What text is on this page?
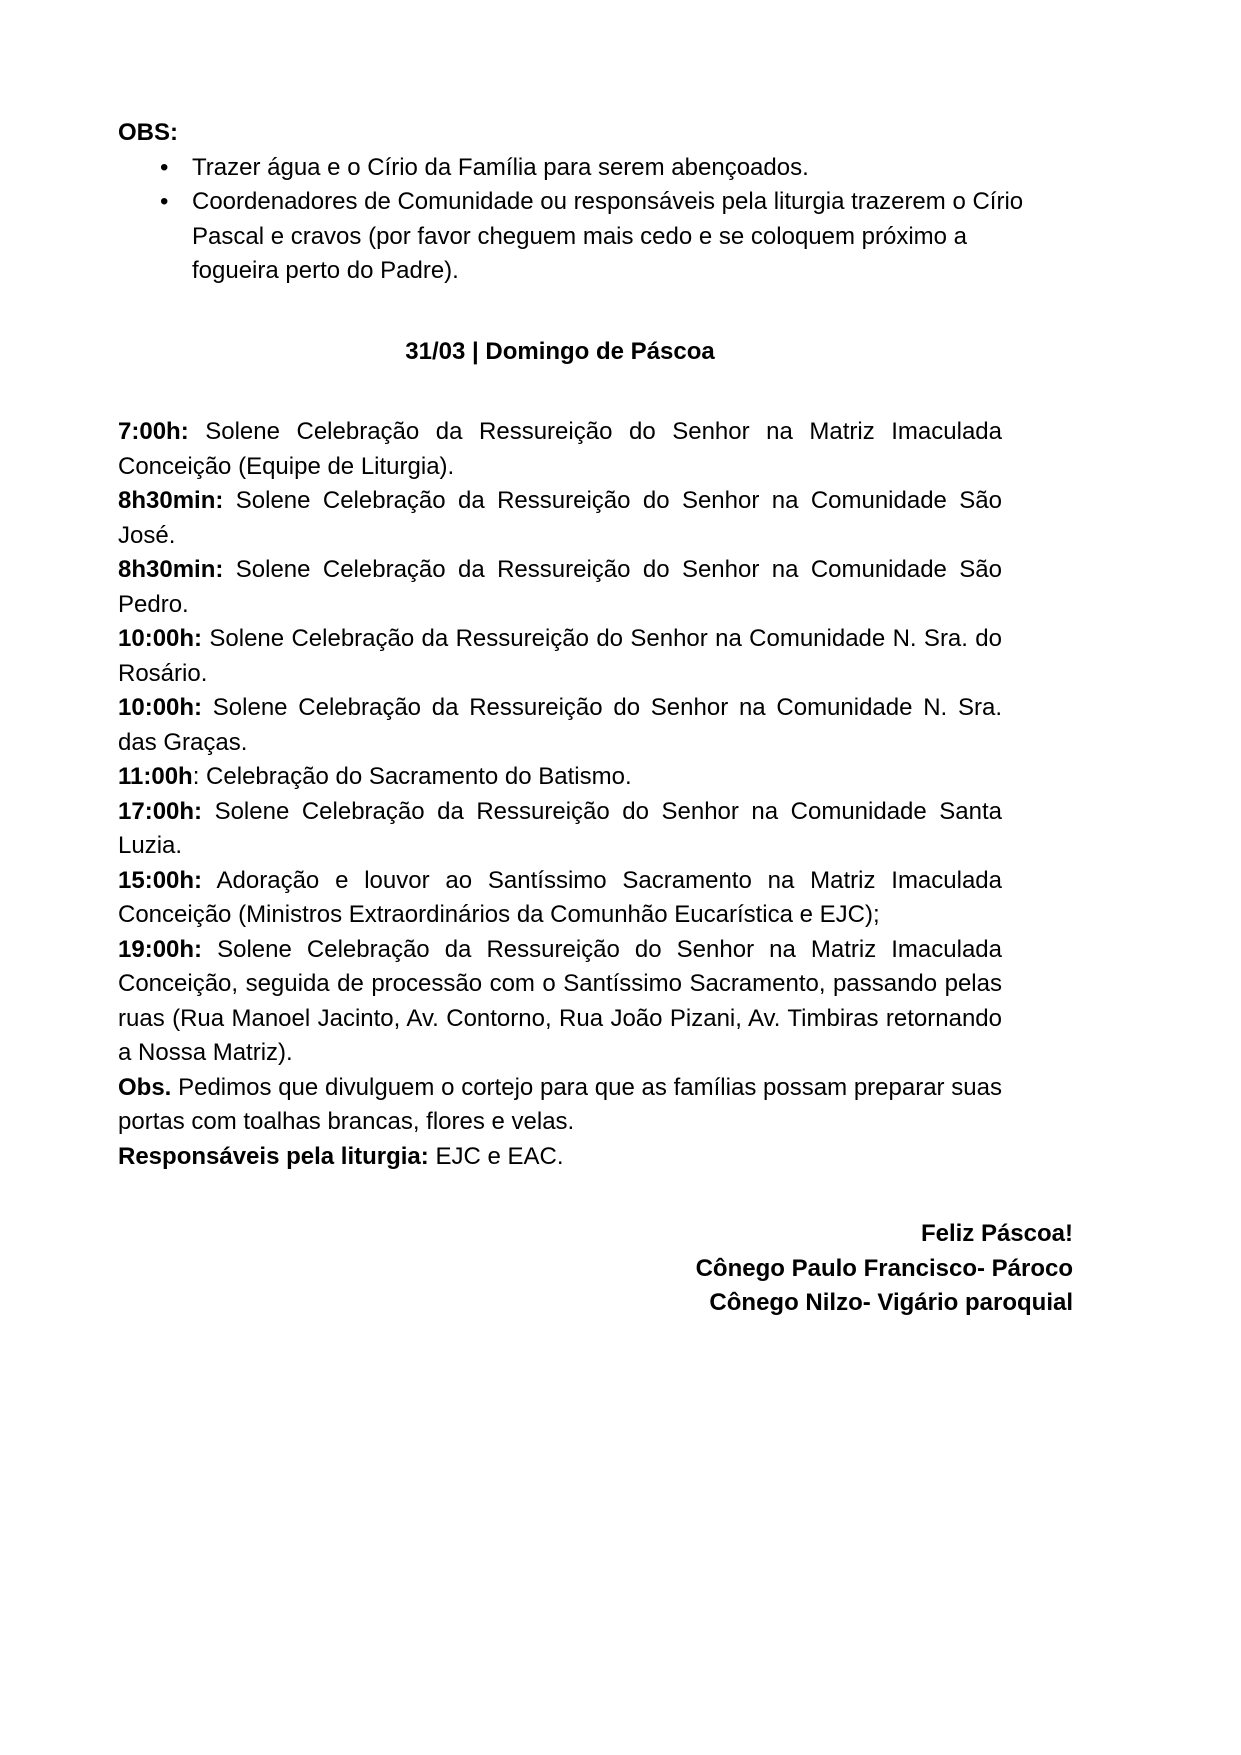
OBS:

• Trazer água e o Círio da Família para serem abençoados.
• Coordenadores de Comunidade ou responsáveis pela liturgia trazerem o Círio Pascal e cravos (por favor cheguem mais cedo e se coloquem próximo a fogueira perto do Padre).

31/03 | Domingo de Páscoa

7:00h: Solene Celebração da Ressureição do Senhor na Matriz Imaculada Conceição (Equipe de Liturgia).

8h30min: Solene Celebração da Ressureição do Senhor na Comunidade São José.

8h30min: Solene Celebração da Ressureição do Senhor na Comunidade São Pedro.

10:00h: Solene Celebração da Ressureição do Senhor na Comunidade N. Sra. do Rosário.

10:00h: Solene Celebração da Ressureição do Senhor na Comunidade N. Sra. das Graças.

11:00h: Celebração do Sacramento do Batismo.

17:00h: Solene Celebração da Ressureição do Senhor na Comunidade Santa Luzia.

15:00h: Adoração e louvor ao Santíssimo Sacramento na Matriz Imaculada Conceição (Ministros Extraordinários da Comunhão Eucarística e EJC);

19:00h: Solene Celebração da Ressureição do Senhor na Matriz Imaculada Conceição, seguida de processão com o Santíssimo Sacramento, passando pelas ruas (Rua Manoel Jacinto, Av. Contorno, Rua João Pizani, Av. Timbiras retornando a Nossa Matriz).

Obs. Pedimos que divulguem o cortejo para que as famílias possam preparar suas portas com toalhas brancas, flores e velas.

Responsáveis pela liturgia: EJC e EAC.

Feliz Páscoa!
Cônego Paulo Francisco- Pároco
Cônego Nilzo- Vigário paroquial
